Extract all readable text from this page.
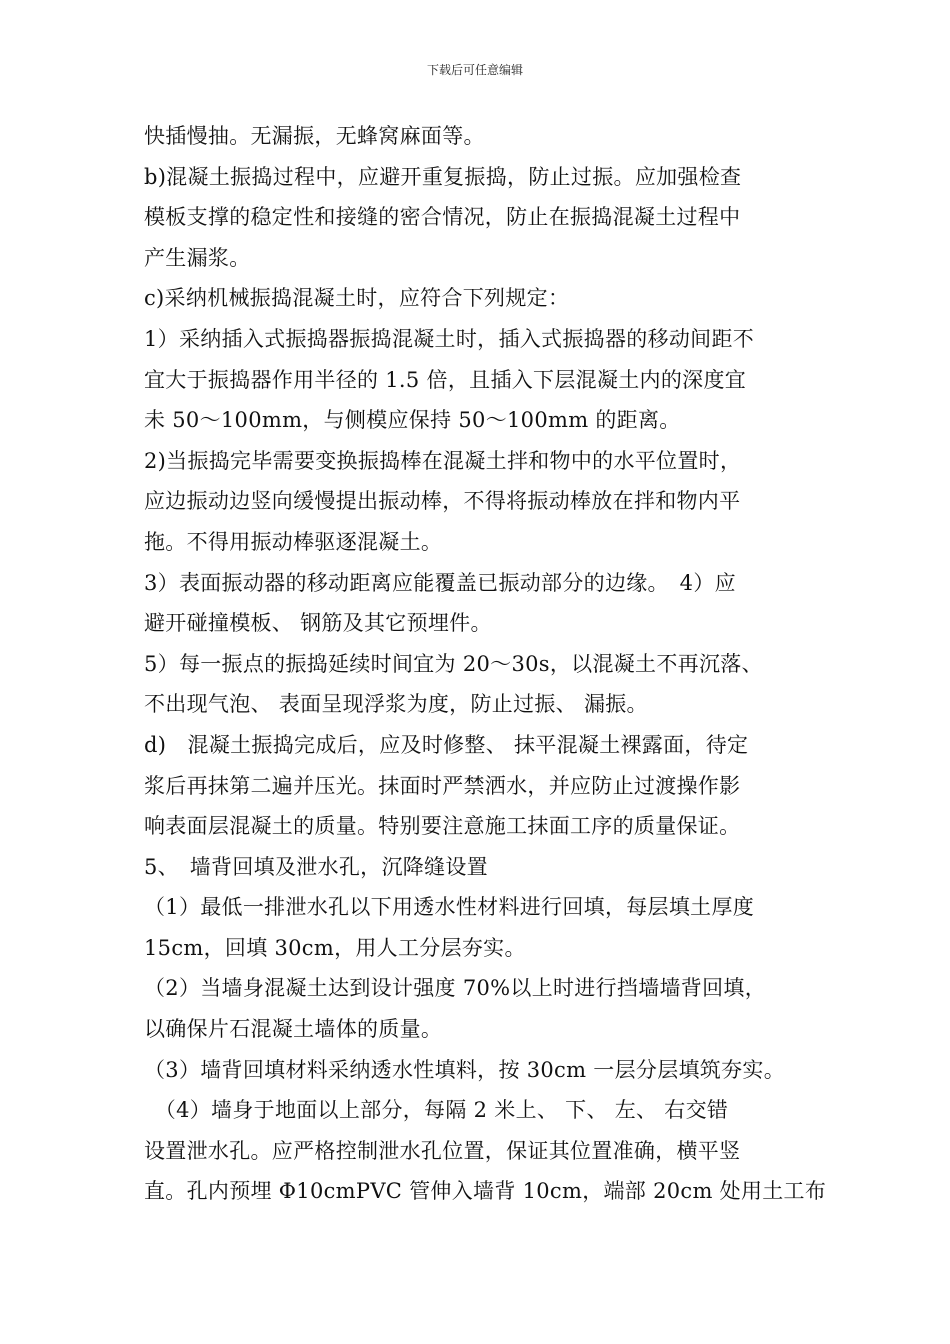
下载后可任意编辑
快插慢抽。无漏振，无蜂窝麻面等。
b)混凝土振捣过程中，应避开重复振捣，防止过振。应加强检查
模板支撑的稳定性和接缝的密合情况，防止在振捣混凝土过程中
产生漏浆。
c)采纳机械振捣混凝土时，应符合下列规定：
1）采纳插入式振捣器振捣混凝土时，插入式振捣器的移动间距不
宜大于振捣器作用半径的 1.5 倍，且插入下层混凝土内的深度宜
未 50～100mm，与侧模应保持 50～100mm 的距离。
2)当振捣完毕需要变换振捣棒在混凝土拌和物中的水平位置时，
应边振动边竖向缓慢提出振动棒，不得将振动棒放在拌和物内平
拖。不得用振动棒驱逐混凝土。
3）表面振动器的移动距离应能覆盖已振动部分的边缘。　4）应
避开碰撞模板、 钢筋及其它预埋件。
5）每一振点的振捣延续时间宜为 20～30s，以混凝土不再沉落、
不出现气泡、 表面呈现浮浆为度，防止过振、 漏振。
d)　混凝土振捣完成后，应及时修整、 抹平混凝土裸露面，待定
浆后再抹第二遍并压光。抹面时严禁洒水，并应防止过渡操作影
响表面层混凝土的质量。特别要注意施工抹面工序的质量保证。
5、　墙背回填及泄水孔，沉降缝设置
（1）最低一排泄水孔以下用透水性材料进行回填，每层填土厚度
15cm，回填 30cm，用人工分层夯实。
（2）当墙身混凝土达到设计强度 70%以上时进行挡墙墙背回填，
以确保片石混凝土墙体的质量。
（3）墙背回填材料采纳透水性填料，按 30cm 一层分层填筑夯实。
　（4）墙身于地面以上部分，每隔 2 米上、 下、 左、 右交错
设置泄水孔。应严格控制泄水孔位置，保证其位置准确，横平竖
直。孔内预埋 Φ10cmPVC 管伸入墙背 10cm，端部 20cm 处用土工布
